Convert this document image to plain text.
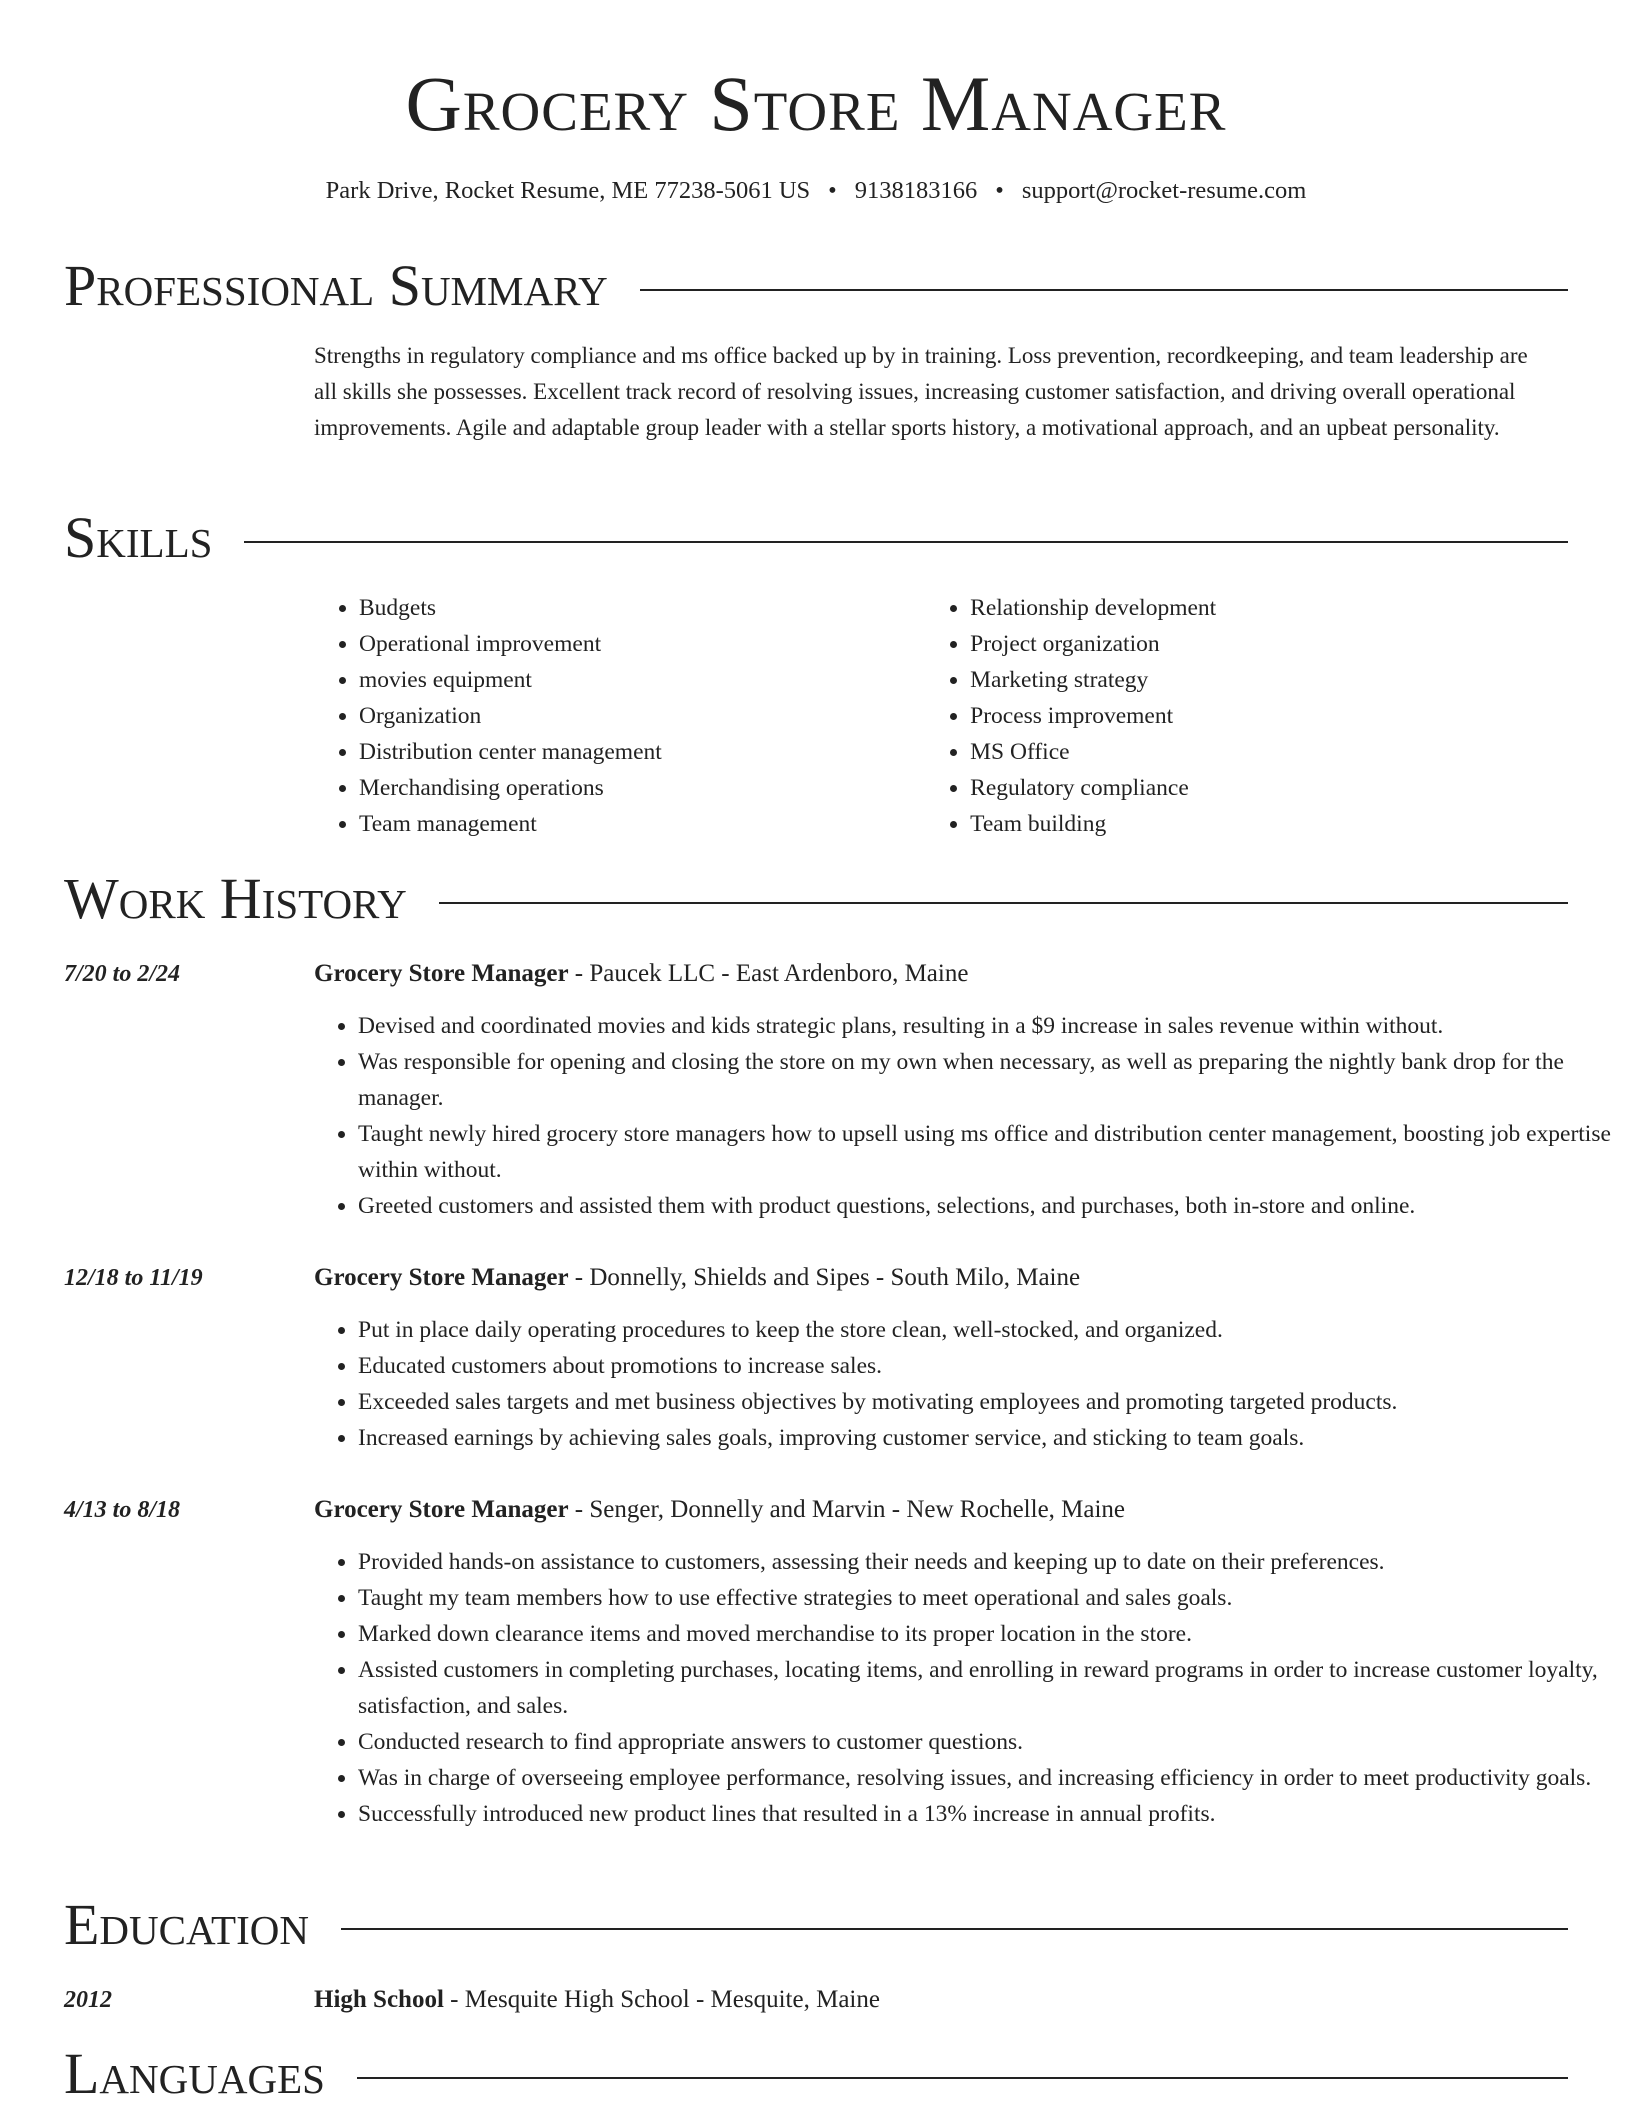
Grocery Store Manager
Park Drive, Rocket Resume, ME 77238-5061 US • 9138183166 • support@rocket-resume.com
Professional Summary

Strengths in regulatory compliance and ms office backed up by in training. Loss prevention, recordkeeping, and team leadership are all skills she possesses. Excellent track record of resolving issues, increasing customer satisfaction, and driving overall operational improvements. Agile and adaptable group leader with a stellar sports history, a motivational approach, and an upbeat personality.

Skills
• Budgets
• Operational improvement
• movies equipment
• Organization
• Distribution center management
• Merchandising operations
• Team management
• Relationship development
• Project organization
• Marketing strategy
• Process improvement
• MS Office
• Regulatory compliance
• Team building
Work History
7/20 to 2/24	Grocery Store Manager - Paucek LLC - East Ardenboro, Maine
• Devised and coordinated movies and kids strategic plans, resulting in a $9 increase in sales revenue within without.
• Was responsible for opening and closing the store on my own when necessary, as well as preparing the nightly bank drop for the manager.
• Taught newly hired grocery store managers how to upsell using ms office and distribution center management, boosting job expertise within without.
• Greeted customers and assisted them with product questions, selections, and purchases, both in-store and online.
12/18 to 11/19	Grocery Store Manager - Donnelly, Shields and Sipes - South Milo, Maine
• Put in place daily operating procedures to keep the store clean, well-stocked, and organized.
• Educated customers about promotions to increase sales.
• Exceeded sales targets and met business objectives by motivating employees and promoting targeted products.
• Increased earnings by achieving sales goals, improving customer service, and sticking to team goals.
4/13 to 8/18	Grocery Store Manager - Senger, Donnelly and Marvin - New Rochelle, Maine
• Provided hands-on assistance to customers, assessing their needs and keeping up to date on their preferences.
• Taught my team members how to use effective strategies to meet operational and sales goals.
• Marked down clearance items and moved merchandise to its proper location in the store.
• Assisted customers in completing purchases, locating items, and enrolling in reward programs in order to increase customer loyalty, satisfaction, and sales.
• Conducted research to find appropriate answers to customer questions.
• Was in charge of overseeing employee performance, resolving issues, and increasing efficiency in order to meet productivity goals.
• Successfully introduced new product lines that resulted in a 13% increase in annual profits.
Education
2012	High School - Mesquite High School - Mesquite, Maine
Languages
